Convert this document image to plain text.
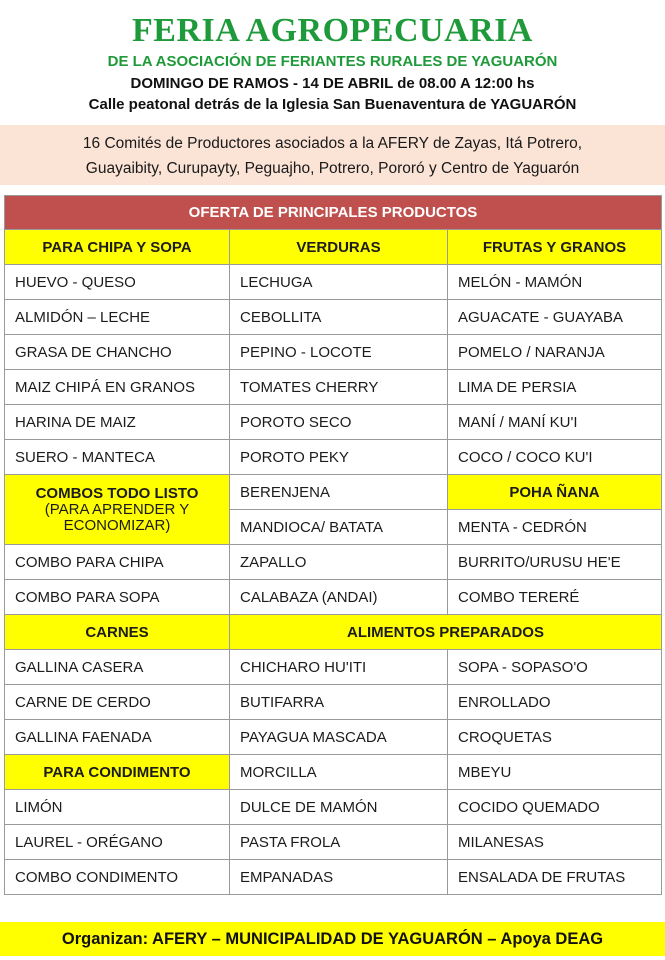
FERIA AGROPECUARIA
DE LA ASOCIACIÓN DE FERIANTES RURALES DE YAGUARÓN
DOMINGO DE RAMOS - 14 DE ABRIL de 08.00 A 12:00 hs
Calle peatonal detrás de la Iglesia San Buenaventura de YAGUARÓN
16 Comités de Productores asociados a la AFERY de Zayas, Itá Potrero,
Guayaibity, Curupayty, Peguajho, Potrero, Pororó y Centro de Yaguarón
OFERTA DE PRINCIPALES PRODUCTOS		
PARA CHIPA Y SOPA	VERDURAS	FRUTAS Y GRANOS
HUEVO - QUESO	LECHUGA	MELÓN - MAMÓN
ALMIDÓN – LECHE	CEBOLLITA	AGUACATE - GUAYABA
GRASA DE CHANCHO	PEPINO - LOCOTE	POMELO / NARANJA
MAIZ CHIPÁ EN GRANOS	TOMATES CHERRY	LIMA DE PERSIA
HARINA DE MAIZ	POROTO SECO	MANÍ / MANÍ KU'I
SUERO - MANTECA	POROTO PEKY	COCO / COCO KU'I
COMBOS TODO LISTO
(PARA APRENDER Y ECONOMIZAR)	BERENJENA	POHA ÑANA
	MANDIOCA/ BATATA	MENTA - CEDRÓN
COMBO PARA CHIPA	ZAPALLO	BURRITO/URUSU HE'E
COMBO PARA SOPA	CALABAZA (ANDAI)	COMBO TERERÉ
CARNES	ALIMENTOS PREPARADOS	
GALLINA CASERA	CHICHARO HU'ITI	SOPA - SOPASO'O
CARNE DE CERDO	BUTIFARRA	ENROLLADO
GALLINA FAENADA	PAYAGUA MASCADA	CROQUETAS
PARA CONDIMENTO	MORCILLA	MBEYU
LIMÓN	DULCE DE MAMÓN	COCIDO QUEMADO
LAUREL - ORÉGANO	PASTA FROLA	MILANESAS
COMBO CONDIMENTO	EMPANADAS	ENSALADA DE FRUTAS
Organizan: AFERY – MUNICIPALIDAD DE YAGUARÓN – Apoya DEAG
